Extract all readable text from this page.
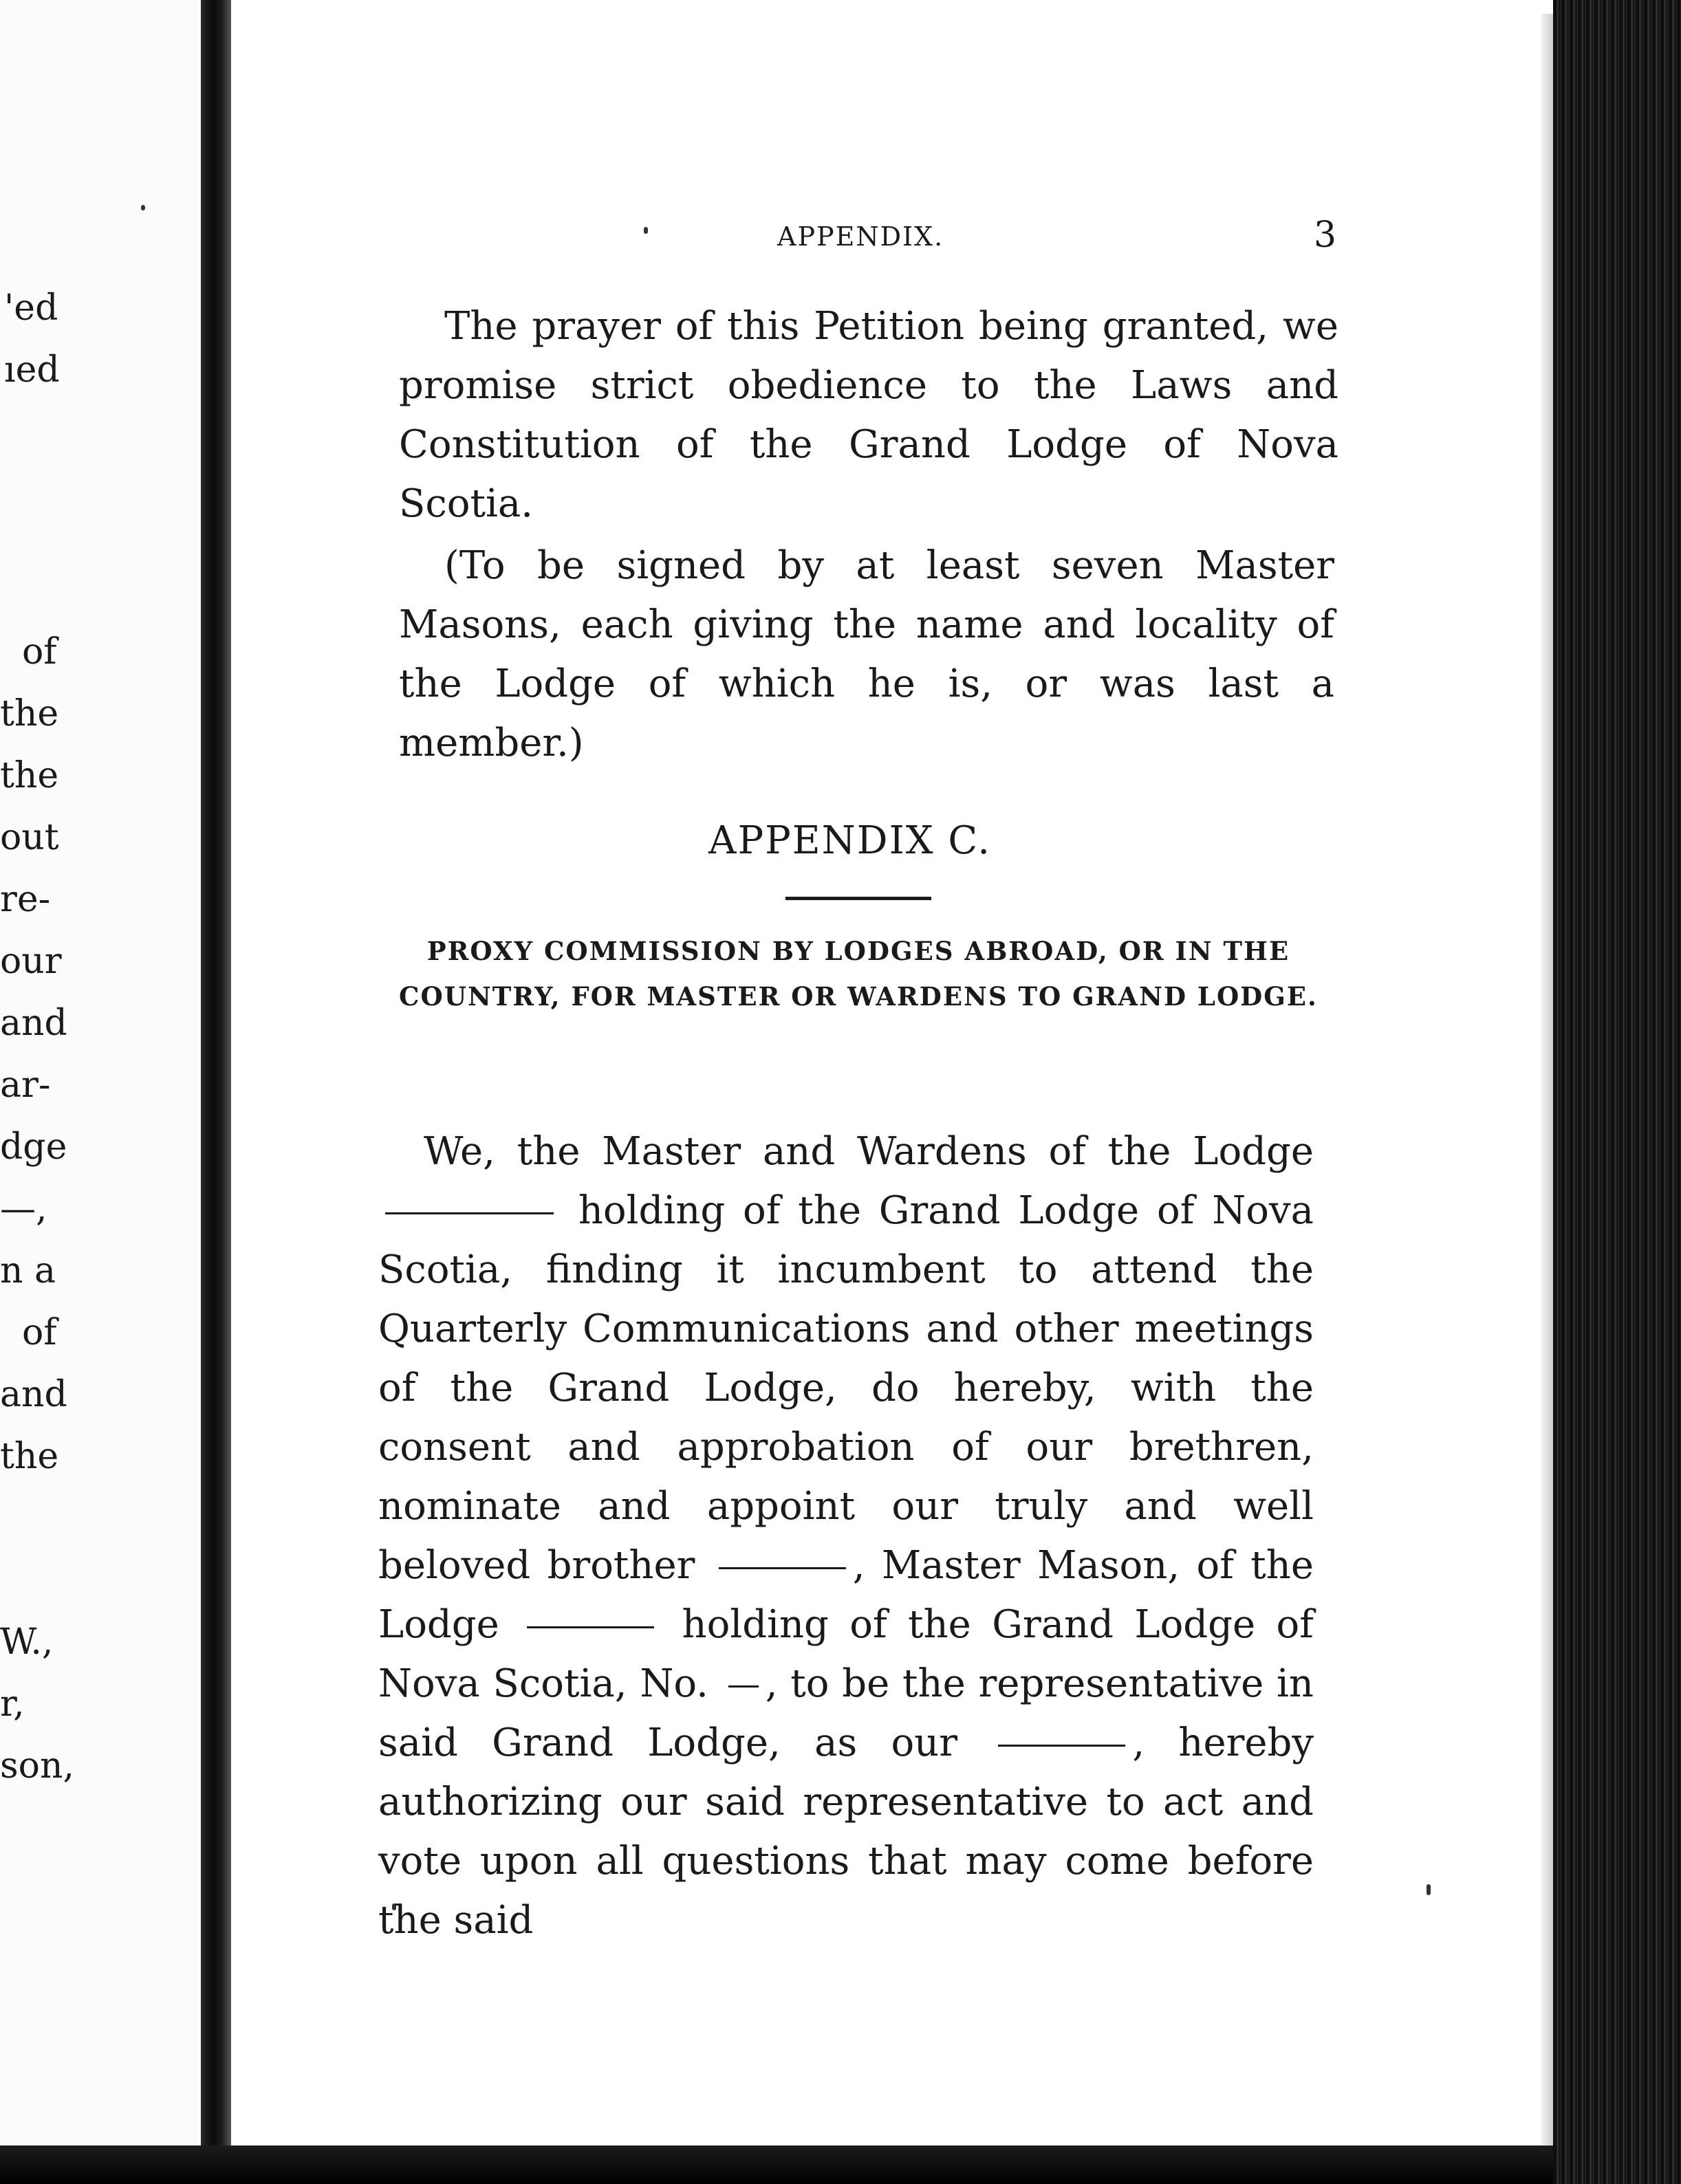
'ed
ıed
of
the
the
out
re-
our
and
ar-
dge
—,
n a
of
and
the
W.,
r,
son,
APPENDIX.	3
The prayer of this Petition being granted, we promise strict obedience to the Laws and Constitution of the Grand Lodge of Nova Scotia.
(To be signed by at least seven Master Masons, each giving the name and locality of the Lodge of which he is, or was last a member.)
APPENDIX C.
PROXY COMMISSION BY LODGES ABROAD, OR IN THE COUNTRY, FOR MASTER OR WARDENS TO GRAND LODGE.
We, the Master and Wardens of the Lodge  holding of the Grand Lodge of Nova Scotia, finding it incumbent to attend the Quarterly Communications and other meetings of the Grand Lodge, do hereby, with the consent and approbation of our brethren, nominate and appoint our truly and well beloved brother	, Master Mason, of the Lodge	holding of the Grand Lodge of Nova Scotia, No. , to be the representative in said Grand Lodge, as our	, hereby authorizing our said representative to act and vote upon all questions that may come before the said
